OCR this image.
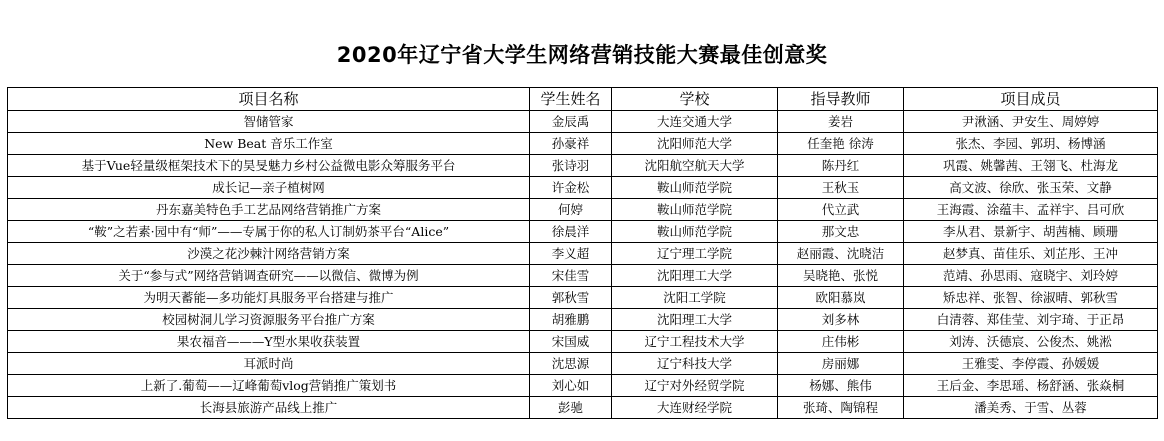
2020年辽宁省大学生网络营销技能大赛最佳创意奖
项目名称	学生姓名	学校	指导教师	项目成员
智储管家	金辰禹	大连交通大学	姜岩	尹湫涵、尹安生、周婷婷
New Beat 音乐工作室	孙豪祥	沈阳师范大学	任奎艳 徐涛	张杰、李园、郭玥、杨博涵
基于Vue轻量级框架技术下的昊旻魅力乡村公益微电影众筹服务平台	张诗羽	沈阳航空航天大学	陈丹红	巩霞、姚馨茜、王翎飞、杜海龙
成长记—亲子植树网	许金松	鞍山师范学院	王秋玉	高文波、徐欣、张玉荣、文静
丹东嘉美特色手工艺品网络营销推广方案	何婷	鞍山师范学院	代立武	王海霞、涂蕴丰、孟祥宇、吕可欣
“鞍”之若素·园中有“师”——专属于你的私人订制奶茶平台“Alice”	徐晨洋	鞍山师范学院	那文忠	李从君、景新宇、胡茜楠、顾珊
沙漠之花沙棘汁网络营销方案	李义超	辽宁理工学院	赵丽霞、沈晓洁	赵梦真、苗佳乐、刘芷彤、王冲
关于“参与式”网络营销调查研究——以微信、微博为例	宋佳雪	沈阳理工大学	吴晓艳、张悦	范靖、孙思雨、寇晓宇、刘玲婷
为明天蓄能—多功能灯具服务平台搭建与推广	郭秋雪	沈阳工学院	欧阳慕岚	矫忠祥、张智、徐淑晴、郭秋雪
校园树洞儿学习资源服务平台推广方案	胡雅鹏	沈阳理工大学	刘多林	白清蓉、郑佳莹、刘宇琦、于正昂
果农福音———Y型水果收获装置	宋国威	辽宁工程技术大学	庄伟彬	刘涛、沃德宸、公俊杰、姚淞
耳派时尚	沈思源	辽宁科技大学	房丽娜	王雅雯、李停霞、孙媛媛
上新了.葡萄——辽峰葡萄vlog营销推广策划书	刘心如	辽宁对外经贸学院	杨娜、熊伟	王后金、李思瑶、杨舒涵、张焱桐
长海县旅游产品线上推广	彭驰	大连财经学院	张琦、陶锦程	潘美秀、于雪、丛蓉
